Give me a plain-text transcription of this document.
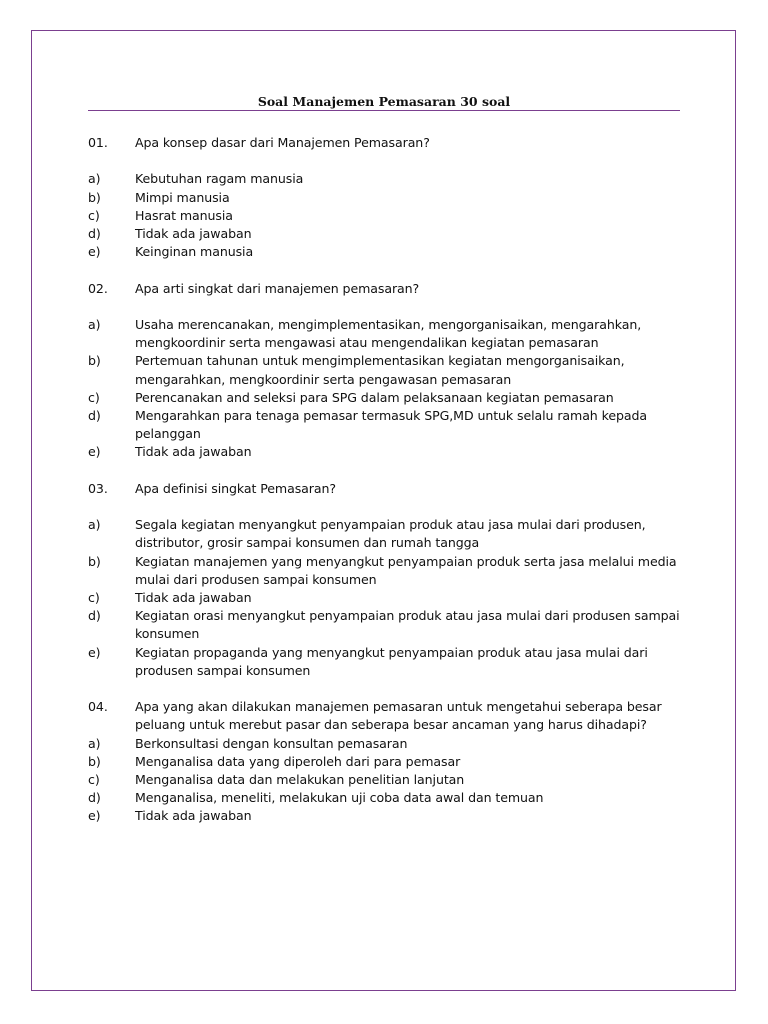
Soal Manajemen Pemasaran 30 soal
01.	Apa konsep dasar dari Manajemen Pemasaran?
a)	Kebutuhan ragam manusia
b)	Mimpi manusia
c)	Hasrat manusia
d)	Tidak ada jawaban
e)	Keinginan manusia
02.	Apa arti singkat dari manajemen pemasaran?
a)	Usaha merencanakan, mengimplementasikan, mengorganisaikan, mengarahkan, mengkoordinir serta mengawasi atau mengendalikan kegiatan pemasaran
b)	Pertemuan tahunan untuk mengimplementasikan kegiatan mengorganisaikan, mengarahkan, mengkoordinir serta pengawasan pemasaran
c)	Perencanakan and seleksi para SPG dalam pelaksanaan kegiatan pemasaran
d)	Mengarahkan para tenaga pemasar termasuk SPG,MD untuk selalu ramah kepada pelanggan
e)	Tidak ada jawaban
03.	Apa definisi singkat Pemasaran?
a)	Segala kegiatan menyangkut penyampaian produk atau jasa mulai dari produsen, distributor, grosir sampai konsumen dan rumah tangga
b)	Kegiatan manajemen yang menyangkut penyampaian produk serta jasa melalui media mulai dari produsen sampai konsumen
c)	Tidak ada jawaban
d)	Kegiatan orasi menyangkut penyampaian produk atau jasa mulai dari produsen sampai konsumen
e)	Kegiatan propaganda yang menyangkut penyampaian produk atau jasa mulai dari produsen sampai konsumen
04.	Apa yang akan dilakukan manajemen pemasaran untuk mengetahui seberapa besar peluang untuk merebut pasar dan seberapa besar ancaman yang harus dihadapi?
a)	Berkonsultasi dengan konsultan pemasaran
b)	Menganalisa data yang diperoleh dari para pemasar
c)	Menganalisa data dan melakukan penelitian lanjutan
d)	Menganalisa, meneliti, melakukan uji coba data awal dan temuan
e)	Tidak ada jawaban
